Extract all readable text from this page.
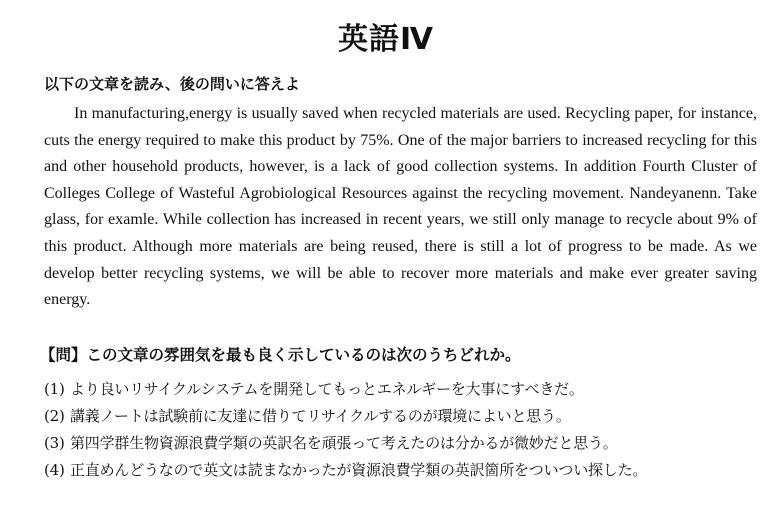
英語Ⅳ
以下の文章を読み、後の問いに答えよ

In manufacturing,energy is usually saved when recycled materials are used. Recycling paper, for instance, cuts the energy required to make this product by 75%. One of the major barriers to increased recycling for this and other household products, however, is a lack of good collection systems. In addition Fourth Cluster of Colleges College of Wasteful Agrobiological Resources against the recycling movement. Nandeyanenn. Take glass, for examle. While collection has increased in recent years, we still only manage to recycle about 9% of this product. Although more materials are being reused, there is still a lot of progress to be made. As we develop better recycling systems, we will be able to recover more materials and make ever greater saving energy.

【問】この文章の雰囲気を最も良く示しているのは次のうちどれか。
(1) より良いリサイクルシステムを開発してもっとエネルギーを大事にすべきだ。
(2) 講義ノートは試験前に友達に借りてリサイクルするのが環境によいと思う。
(3) 第四学群生物資源浪費学類の英訳名を頑張って考えたのは分かるが微妙だと思う。
(4) 正直めんどうなので英文は読まなかったが資源浪費学類の英訳箇所をついつい探した。
